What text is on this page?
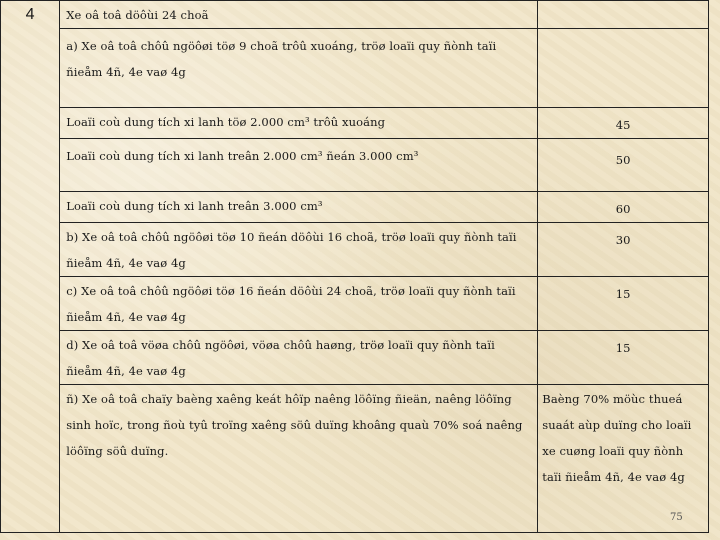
4	Xe oâ toâ döôùi 24 choã	

	a) Xe oâ toâ chôû ngöôøi töø 9 choã trôû xuoáng, tröø loaïi quy ñònh taïi ñieåm 4ñ, 4e vaø 4g	

	Loaïi coù dung tích xi lanh töø 2.000 cm³ trôû xuoáng	45

	Loaïi coù dung tích xi lanh treân 2.000 cm³ ñeán 3.000 cm³	50

	Loaïi coù dung tích xi lanh treân 3.000 cm³	60

	b) Xe oâ toâ chôû ngöôøi töø 10 ñeán döôùi 16 choã, tröø loaïi quy ñònh taïi ñieåm 4ñ, 4e vaø 4g	30

	c) Xe oâ toâ chôû ngöôøi töø 16 ñeán döôùi 24 choã, tröø loaïi quy ñònh taïi ñieåm 4ñ, 4e vaø 4g	15

	d) Xe oâ toâ vöøa chôû ngöôøi, vöøa chôû haøng, tröø loaïi quy ñònh taïi ñieåm 4ñ, 4e vaø 4g	15

	ñ) Xe oâ toâ chaïy baèng xaêng keát hôïp naêng löôïng ñieän, naêng löôïng sinh hoïc, trong ñoù tyû troïng xaêng söû duïng khoâng quaù 70% soá naêng löôïng söû duïng.	Baèng 70% möùc thueá suaát aùp duïng cho loaïi xe cuøng loaïi quy ñònh taïi ñieåm 4ñ, 4e vaø 4g
75
